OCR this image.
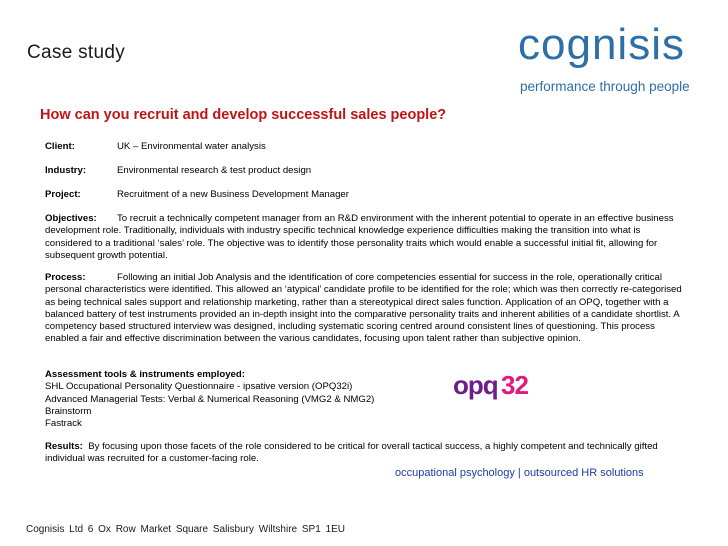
Case study	cognisis
performance through people
How can you recruit and develop successful sales people?
Client:	UK – Environmental water analysis
Industry:	Environmental research & test product design
Project:	Recruitment of a new Business Development Manager
Objectives: To recruit a technically competent manager from an R&D environment with the inherent potential to operate in an effective business development role. Traditionally, individuals with industry specific technical knowledge experience difficulties making the transition into what is considered to a traditional ‘sales’ role. The objective was to identify those personality traits which would enable a successful initial fit, allowing for subsequent growth potential.
Process:	Following an initial Job Analysis and the identification of core competencies essential for success in the role, operationally critical personal characteristics were identified. This allowed an ‘atypical’ candidate profile to be identified for the role; which was then correctly re-categorised as being technical sales support and relationship marketing, rather than a stereotypical direct sales function. Application of an OPQ, together with a balanced battery of test instruments provided an in-depth insight into the comparative personality traits and inherent abilities of a candidate shortlist. A competency based structured interview was designed, including systematic scoring centred around consistent lines of questioning. This process enabled a fair and effective discrimination between the various candidates, focusing upon talent rather than subjective opinion.
Assessment tools & instruments employed:
SHL Occupational Personality Questionnaire - ipsative version (OPQ32i)
Advanced Managerial Tests: Verbal & Numerical Reasoning (VMG2 & NMG2)
Brainstorm
Fastrack
opq 32
Results: By focusing upon those facets of the role considered to be critical for overall tactical success, a highly competent and technically gifted individual was recruited for a customer-facing role.
occupational psychology | outsourced HR solutions
Cognisis Ltd 6 Ox Row Market Square Salisbury Wiltshire SP1 1EU
